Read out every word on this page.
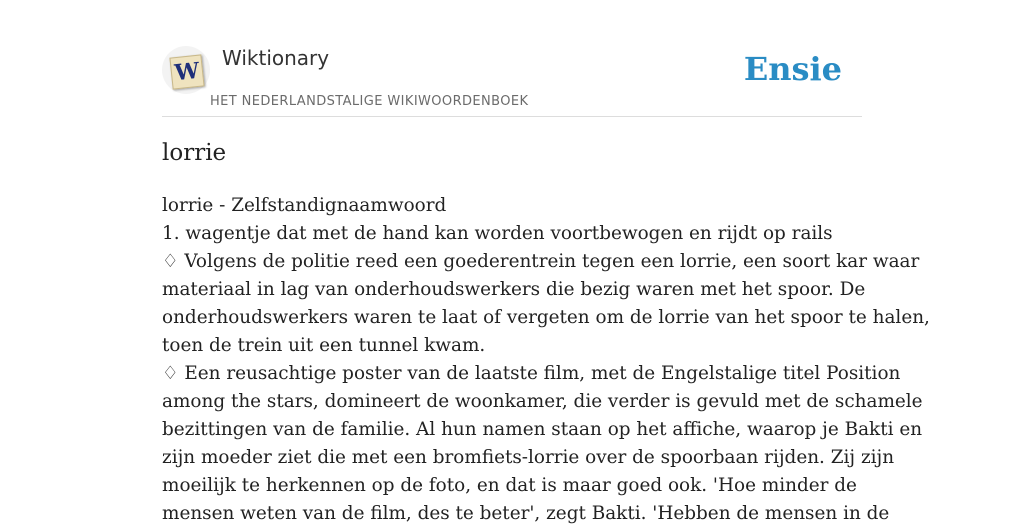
W Wiktionary
HET NEDERLANDSTALIGE WIKIWOORDENBOEK
Ensie
lorrie

lorrie - Zelfstandignaamwoord

1. wagentje dat met de hand kan worden voortbewogen en rijdt op rails

♢ Volgens de politie reed een goederentrein tegen een lorrie, een soort kar waar

materiaal in lag van onderhoudswerkers die bezig waren met het spoor. De

onderhoudswerkers waren te laat of vergeten om de lorrie van het spoor te halen,

toen de trein uit een tunnel kwam.

♢ Een reusachtige poster van de laatste film, met de Engelstalige titel Position

among the stars, domineert de woonkamer, die verder is gevuld met de schamele

bezittingen van de familie. Al hun namen staan op het affiche, waarop je Bakti en

zijn moeder ziet die met een bromfiets-lorrie over de spoorbaan rijden. Zij zijn

moeilijk te herkennen op de foto, en dat is maar goed ook. 'Hoe minder de

mensen weten van de film, des te beter', zegt Bakti. 'Hebben de mensen in de
